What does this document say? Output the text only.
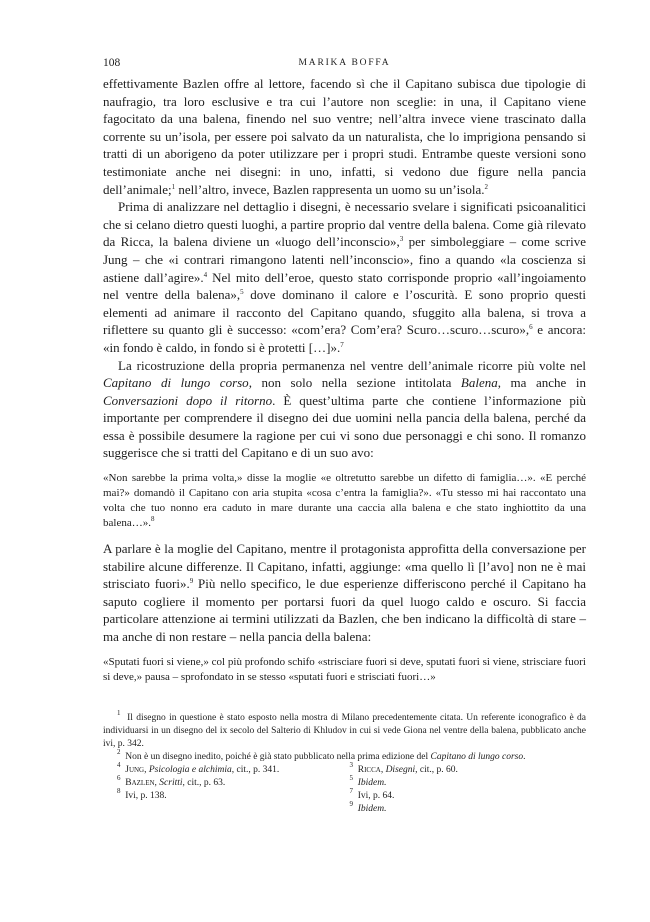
108	MARIKA BOFFA

effettivamente Bazlen offre al lettore, facendo sì che il Capitano subisca due tipologie di naufragio, tra loro esclusive e tra cui l’autore non sceglie: in una, il Capitano viene fagocitato da una balena, finendo nel suo ventre; nell’altra invece viene trascinato dalla corrente su un’isola, per essere poi salvato da un naturalista, che lo imprigiona pensando si tratti di un aborigeno da poter utilizzare per i propri studi. Entrambe queste versioni sono testimoniate anche nei disegni: in uno, infatti, si vedono due figure nella pancia dell’animale;$^1$ nell’altro, invece, Bazlen rappresenta un uomo su un’isola.$^2$

Prima di analizzare nel dettaglio i disegni, è necessario svelare i significati psicoanalitici che si celano dietro questi luoghi, a partire proprio dal ventre della balena. Come già rilevato da Ricca, la balena diviene un «luogo dell’inconscio»,$^3$ per simboleggiare – come scrive Jung – che «i contrari rimangono latenti nell’inconscio», fino a quando «la coscienza si astiene dall’agire».$^4$ Nel mito dell’eroe, questo stato corrisponde proprio «all’ingoiamento nel ventre della balena»,$^5$ dove dominano il calore e l’oscurità. E sono proprio questi elementi ad animare il racconto del Capitano quando, sfuggito alla balena, si trova a riflettere su quanto gli è successo: «com’era? Com’era? Scuro…scuro…scuro»,$^6$ e ancora: «in fondo è caldo, in fondo si è protetti […]».$^7$

La ricostruzione della propria permanenza nel ventre dell’animale ricorre più volte nel Capitano di lungo corso, non solo nella sezione intitolata Balena, ma anche in Conversazioni dopo il ritorno. È quest’ultima parte che contiene l’informazione più importante per comprendere il disegno dei due uomini nella pancia della balena, perché da essa è possibile desumere la ragione per cui vi sono due personaggi e chi sono. Il romanzo suggerisce che si tratti del Capitano e di un suo avo:

«Non sarebbe la prima volta,» disse la moglie «e oltretutto sarebbe un difetto di famiglia…». «E perché mai?» domandò il Capitano con aria stupita «cosa c’entra la famiglia?». «Tu stesso mi hai raccontato una volta che tuo nonno era caduto in mare durante una caccia alla balena e che stato inghiottito da una balena…».$^8$

A parlare è la moglie del Capitano, mentre il protagonista approfitta della conversazione per stabilire alcune differenze. Il Capitano, infatti, aggiunge: «ma quello lì [l’avo] non ne è mai strisciato fuori».$^9$ Più nello specifico, le due esperienze differiscono perché il Capitano ha saputo cogliere il momento per portarsi fuori da quel luogo caldo e oscuro. Si faccia particolare attenzione ai termini utilizzati da Bazlen, che ben indicano la difficoltà di stare – ma anche di non restare – nella pancia della balena:

«Sputati fuori si viene,» col più profondo schifo «strisciare fuori si deve, sputati fuori si viene, strisciare fuori si deve,» pausa – sprofondato in se stesso «sputati fuori e strisciati fuori…»
$^1$ Il disegno in questione è stato esposto nella mostra di Milano precedentemente citata. Un referente iconografico è da individuarsi in un disegno del ix secolo del Salterio di Khludov in cui si vede Giona nel ventre della balena, pubblicato anche ivi, p. 342.
$^2$ Non è un disegno inedito, poiché è già stato pubblicato nella prima edizione del Capitano di lungo corso.
$^4$ Jung, Psicologia e alchimia, cit., p. 341.	$^3$ Ricca, Disegni, cit., p. 60.
$^6$ Bazlen, Scritti, cit., p. 63.	$^5$ Ibidem.
$^8$ Ivi, p. 138.	$^7$ Ivi, p. 64.
$^9$ Ibidem.
